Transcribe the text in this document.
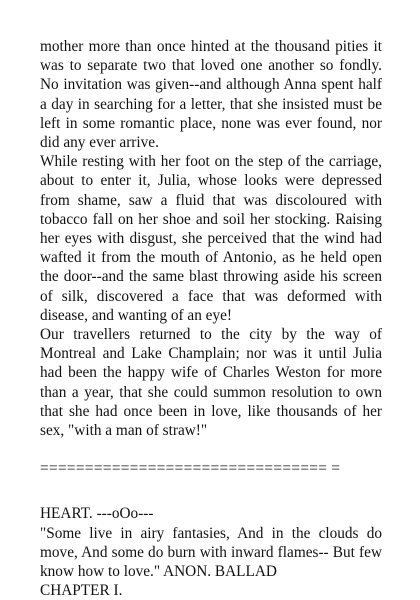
mother more than once hinted at the thousand pities it was to separate two that loved one another so fondly. No invitation was given--and although Anna spent half a day in searching for a letter, that she insisted must be left in some romantic place, none was ever found, nor did any ever arrive.

While resting with her foot on the step of the carriage, about to enter it, Julia, whose looks were depressed from shame, saw a fluid that was discoloured with tobacco fall on her shoe and soil her stocking. Raising her eyes with disgust, she perceived that the wind had wafted it from the mouth of Antonio, as he held open the door--and the same blast throwing aside his screen of silk, discovered a face that was deformed with disease, and wanting of an eye!

Our travellers returned to the city by the way of Montreal and Lake Champlain; nor was it until Julia had been the happy wife of Charles Weston for more than a year, that she could summon resolution to own that she had once been in love, like thousands of her sex, "with a man of straw!"

================================ =

HEART. ---oOo---

"Some live in airy fantasies, And in the clouds do move, And some do burn with inward flames-- But few know how to love." ANON. BALLAD

CHAPTER I.
